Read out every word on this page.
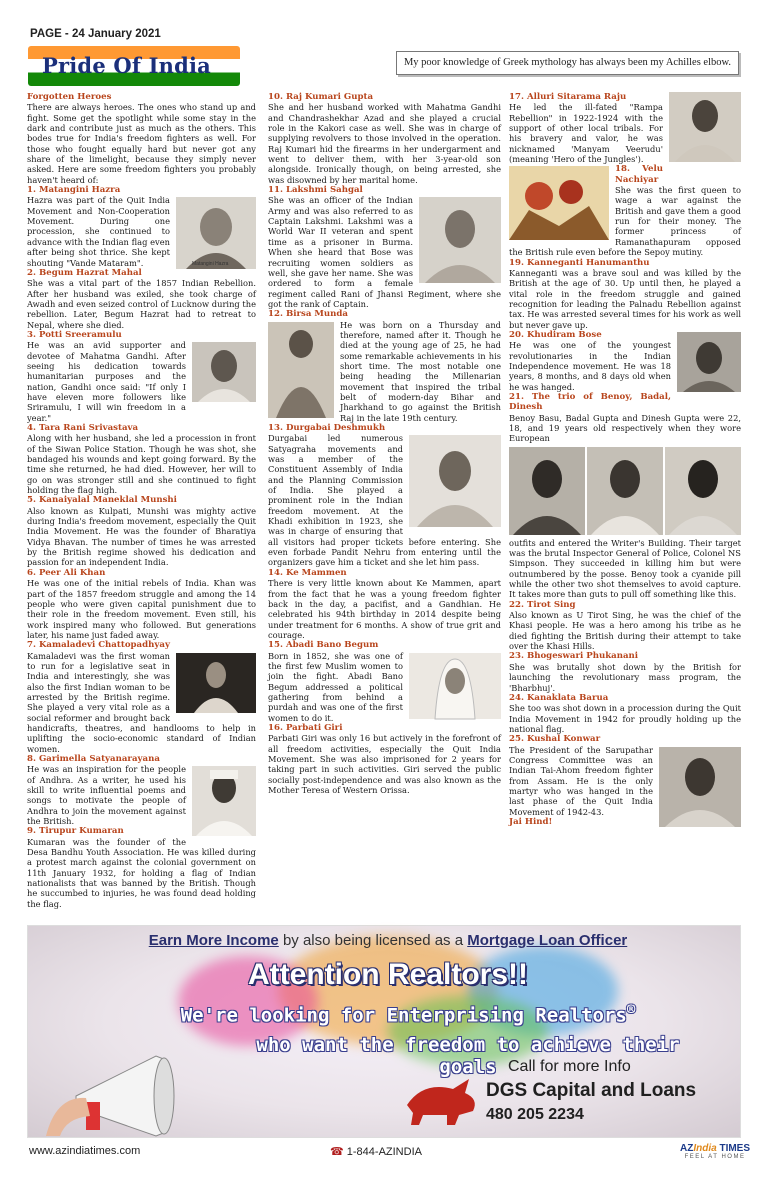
PAGE - 24 January 2021
Pride Of India	My poor knowledge of Greek mythology has always been my Achilles elbow.

Forgotten Heroes

There are always heroes. The ones who stand up and fight. Some get the spotlight while some stay in the dark and contribute just as much as the others. This bodes true for India's freedom fighters as well. For those who fought equally hard but never got any share of the limelight, because they simply never asked. Here are some freedom fighters you probably haven't heard of:

1. Matangini Hazra

Matangini Hazra

Hazra was part of the Quit India Movement and Non-Cooperation Movement. During one procession, she continued to advance with the Indian flag even after being shot thrice. She kept shouting "Vande Mataram".

2. Begum Hazrat Mahal

She was a vital part of the 1857 Indian Rebellion. After her husband was exiled, she took charge of Awadh and even seized control of Lucknow during the rebellion. Later, Begum Hazrat had to retreat to Nepal, where she died.

3. Potti Sreeramulu

He was an avid supporter and devotee of Mahatma Gandhi. After seeing his dedication towards humanitarian purposes and the nation, Gandhi once said: "If only I have eleven more followers like Sriramulu, I will win freedom in a year."

4. Tara Rani Srivastava

Along with her husband, she led a procession in front of the Siwan Police Station. Though he was shot, she bandaged his wounds and kept going forward. By the time she returned, he had died. However, her will to go on was stronger still and she continued to fight holding the flag high.

5. Kanaiyalal Maneklal Munshi

Also known as Kulpati, Munshi was mighty active during India's freedom movement, especially the Quit India Movement. He was the founder of Bharatiya Vidya Bhavan. The number of times he was arrested by the British regime showed his dedication and passion for an independent India.

6. Peer Ali Khan

He was one of the initial rebels of India. Khan was part of the 1857 freedom struggle and among the 14 people who were given capital punishment due to their role in the freedom movement. Even still, his work inspired many who followed. But generations later, his name just faded away.

7. Kamaladevi Chattopadhyay

Kamaladevi was the first woman to run for a legislative seat in India and interestingly, she was also the first Indian woman to be arrested by the British regime. She played a very vital role as a social reformer and brought back handicrafts, theatres, and handlooms to help in uplifting the socio-economic standard of Indian women.

8. Garimella Satyanarayana

He was an inspiration for the people of Andhra. As a writer, he used his skill to write influential poems and songs to motivate the people of Andhra to join the movement against the British.

9. Tirupur Kumaran

Kumaran was the founder of the Desa Bandhu Youth Association. He was killed during a protest march against the colonial government on 11th January 1932, for holding a flag of Indian nationalists that was banned by the British. Though he succumbed to injuries, he was found dead holding the flag.

10. Raj Kumari Gupta

She and her husband worked with Mahatma Gandhi and Chandrashekhar Azad and she played a crucial role in the Kakori case as well. She was in charge of supplying revolvers to those involved in the operation. Raj Kumari hid the firearms in her undergarment and went to deliver them, with her 3-year-old son alongside. Ironically though, on being arrested, she was disowned by her marital home.

11. Lakshmi Sahgal

She was an officer of the Indian Army and was also referred to as Captain Lakshmi. Lakshmi was a World War II veteran and spent time as a prisoner in Burma. When she heard that Bose was recruiting women soldiers as well, she gave her name. She was ordered to form a female regiment called Rani of Jhansi Regiment, where she got the rank of Captain.

12. Birsa Munda

He was born on a Thursday and therefore, named after it. Though he died at the young age of 25, he had some remarkable achievements in his short time. The most notable one being heading the Millenarian movement that inspired the tribal belt of modern-day Bihar and Jharkhand to go against the British Raj in the late 19th century.

13. Durgabai Deshmukh

Durgabai led numerous Satyagraha movements and was a member of the Constituent Assembly of India and the Planning Commission of India. She played a prominent role in the Indian freedom movement. At the Khadi exhibition in 1923, she was in charge of ensuring that all visitors had proper tickets before entering. She even forbade Pandit Nehru from entering until the organizers gave him a ticket and she let him pass.

14. Ke Mammen

There is very little known about Ke Mammen, apart from the fact that he was a young freedom fighter back in the day, a pacifist, and a Gandhian. He celebrated his 94th birthday in 2014 despite being under treatment for 6 months. A show of true grit and courage.

15. Abadi Bano Begum

Born in 1852, she was one of the first few Muslim women to join the fight. Abadi Bano Begum addressed a political gathering from behind a purdah and was one of the first women to do it.

16. Parbati Giri

Parbati Giri was only 16 but actively in the forefront of all freedom activities, especially the Quit India Movement. She was also imprisoned for 2 years for taking part in such activities. Giri served the public socially post-independence and was also known as the Mother Teresa of Western Orissa.

17. Alluri Sitarama Raju

He led the ill-fated "Rampa Rebellion" in 1922-1924 with the support of other local tribals. For his bravery and valor, he was nicknamed 'Manyam Veerudu' (meaning 'Hero of the Jungles').

18. Velu Nachiyar

She was the first queen to wage a war against the British and gave them a good run for their money. The former princess of Ramanathapuram opposed the British rule even before the Sepoy mutiny.

19. Kanneganti Hanumanthu

Kanneganti was a brave soul and was killed by the British at the age of 30. Up until then, he played a vital role in the freedom struggle and gained recognition for leading the Palnadu Rebellion against tax. He was arrested several times for his work as well but never gave up.

20. Khudiram Bose

He was one of the youngest revolutionaries in the Indian Independence movement. He was 18 years, 8 months, and 8 days old when he was hanged.

21. The trio of Benoy, Badal, Dinesh

Benoy Basu, Badal Gupta and Dinesh Gupta were 22, 18, and 19 years old respectively when they wore European

outfits and entered the Writer's Building. Their target was the brutal Inspector General of Police, Colonel NS Simpson. They succeeded in killing him but were outnumbered by the posse. Benoy took a cyanide pill while the other two shot themselves to avoid capture. It takes more than guts to pull off something like this.

22. Tirot Sing

Also known as U Tirot Sing, he was the chief of the Khasi people. He was a hero among his tribe as he died fighting the British during their attempt to take over the Khasi Hills.

23. Bhogeswari Phukanani

She was brutally shot down by the British for launching the revolutionary mass program, the 'Bharbhuj'.

24. Kanaklata Barua

She too was shot down in a procession during the Quit India Movement in 1942 for proudly holding up the national flag.

25. Kushal Konwar

The President of the Sarupathar Congress Committee was an Indian Tai-Ahom freedom fighter from Assam. He is the only martyr who was hanged in the last phase of the Quit India Movement of 1942-43.

Jai Hind!

Earn More Income by also being licensed as a Mortgage Loan Officer
Attention Realtors!!
We're looking for Enterprising Realtors®
who want the freedom to achieve their goals Call for more Info
DGS Capital and Loans
480 205 2234
www.azindiatimes.com	☎ 1-844-AZINDIA	AZIndia TIMES
FEEL AT HOME
